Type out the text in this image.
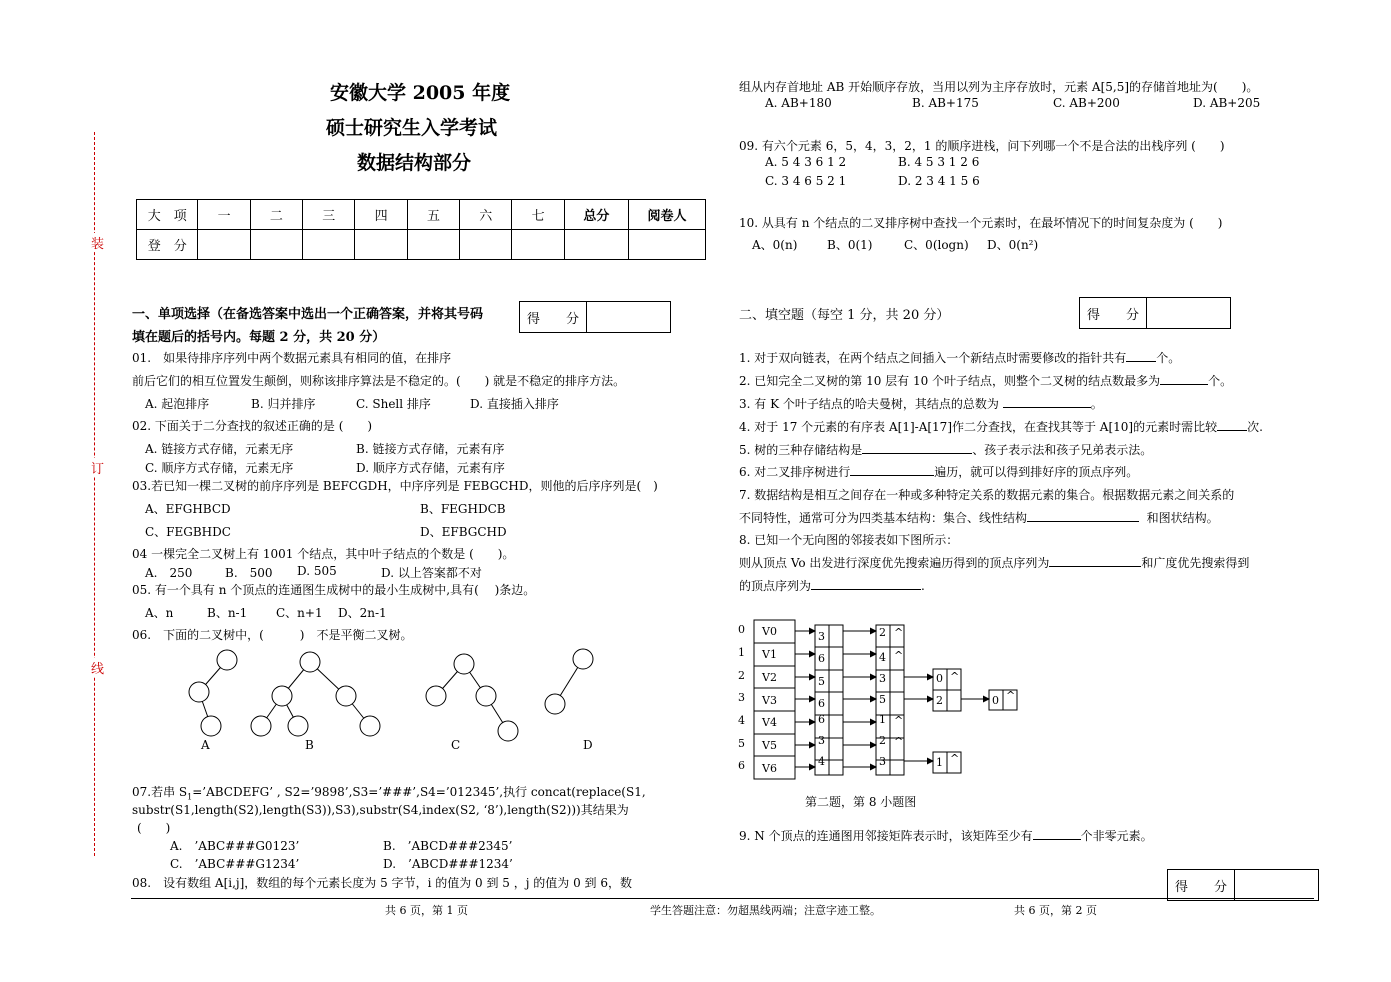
装
订
线
安徽大学 2005 年度
硕士研究生入学考试
数据结构部分
大　项	一	二	三	四	五	六	七	总分	阅卷人
登　分									
得　　分
一、单项选择（在备选答案中选出一个正确答案，并将其号码
填在题后的括号内。每题 2 分，共 20 分）
01.　如果待排序序列中两个数据元素具有相同的值，在排序
前后它们的相互位置发生颠倒，则称该排序算法是不稳定的。(　　) 就是不稳定的排序方法。
A. 起泡排序	B. 归并排序	C. Shell 排序	D. 直接插入排序
02. 下面关于二分查找的叙述正确的是 (　　)
A. 链接方式存储，元素无序	B. 链接方式存储，元素有序
C. 顺序方式存储，元素无序	D. 顺序方式存储，元素有序
03.若已知一棵二叉树的前序序列是 BEFCGDH，中序序列是 FEBGCHD，则他的后序序列是(　)
A、EFGHBCD	B、FEGHDCB
C、FEGBHDC	D、EFBGCHD
04 一棵完全二叉树上有 1001 个结点，其中叶子结点的个数是 (　　)。
A.　250	B.　500 D. 505	D. 以上答案都不对
05. 有一个具有 n 个顶点的连通图生成树中的最小生成树中,具有(　 )条边。
A、n	B、n-1 C、n+1 D、2n-1
06.　下面的二叉树中，(　　　)　不是平衡二叉树。
A	B	C	D
07.若串 $S_1=’ABCDEFG$’ , S2=’9898’,S3=’###’,S4=’012345’,执行 concat(replace(S1,
substr(S1,length(S2),length(S3)),S3),substr(S4,index(S2, ‘8’),length(S2)))其结果为
(　　)
A.　’ABC###G0123’	B.　’ABCD###2345’
C.　’ABC###G1234’	D.　’ABCD###1234’
08.　设有数组 A[i,j]，数组的每个元素长度为 5 字节，i 的值为 0 到 5 ，j 的值为 0 到 6，数
组从内存首地址 AB 开始顺序存放，当用以列为主序存放时，元素 A[5,5]的存储首地址为(　　)。
A. AB+180	B. AB+175	C. AB+200	D. AB+205
09. 有六个元素 6，5，4，3，2，1 的顺序进栈，问下列哪一个不是合法的出栈序列 (　　)
A. 5 4 3 6 1 2	B. 4 5 3 1 2 6
C. 3 4 6 5 2 1	D. 2 3 4 1 5 6
10. 从具有 n 个结点的二叉排序树中查找一个元素时，在最坏情况下的时间复杂度为 (　　)
A、0(n) B、0(1)	C、0(logn) D、0(n²)
二、填空题（每空 1 分，共 20 分）	得　　分
1. 对于双向链表，在两个结点之间插入一个新结点时需要修改的指针共有	个。
2. 已知完全二叉树的第 10 层有 10 个叶子结点，则整个二叉树的结点数最多为	个。
3. 有 K 个叶子结点的哈夫曼树，其结点的总数为	。
4. 对于 17 个元素的有序表 A[1]-A[17]作二分查找，在查找其等于 A[10]的元素时需比较	次.
5. 树的三种存储结构是	、孩子表示法和孩子兄弟表示法。
6. 对二叉排序树进行	遍历，就可以得到排好序的顶点序列。
7. 数据结构是相互之间存在一种或多种特定关系的数据元素的集合。根据数据元素之间关系的
不同特性，通常可分为四类基本结构：集合、线性结构	和图状结构。
8. 已知一个无向图的邻接表如下图所示：
则从顶点 Vo 出发进行深度优先搜索遍历得到的顶点序列为	和广度优先搜索得到
的顶点序列为	.
0
1
2
3
4
5
6
V0
V1
V2
V3
V4
V5
V6
3
6
5
6
6
3
4
2
4
3
5
1
2
3
0
2
1
0
^
^
^
^
^
^
^
第二题，第 8 小题图
9. N 个顶点的连通图用邻接矩阵表示时，该矩阵至少有	个非零元素。
得　　分
共 6 页，第 1 页	学生答题注意：勿超黑线两端；注意字迹工整。	共 6 页，第 2 页
